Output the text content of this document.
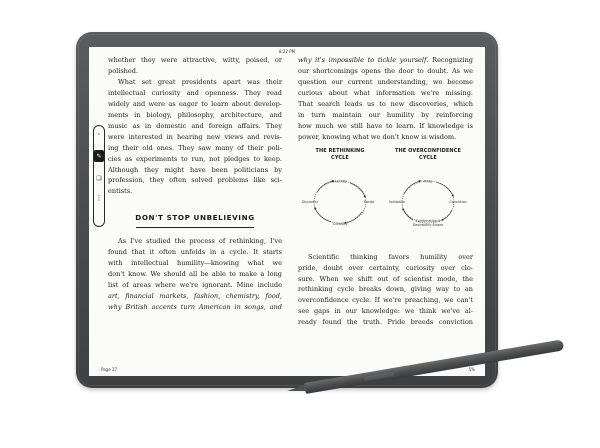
8:22 PM
whether they were attractive, witty, poised, or
polished.
What set great presidents apart was their
intellectual curiosity and openness. They read
widely and were as eager to learn about develop-
ments in biology, philosophy, architecture, and
music as in domestic and foreign affairs. They
were interested in hearing new views and revis-
ing their old ones. They saw many of their poli-
cies as experiments to run, not pledges to keep.
Although they might have been politicians by
profession, they often solved problems like sci-
entists.
DON'T STOP UNBELIEVING
As I've studied the process of rethinking, I've
found that it often unfolds in a cycle. It starts
with intellectual humility—knowing what we
don't know. We should all be able to make a long
list of areas where we're ignorant. Mine include
art, financial markets, fashion, chemistry, food,
why British accents turn American in songs, and
Page 27
⌃
✎
❑
⋮
why it's impossible to tickle yourself. Recognizing
our shortcomings opens the door to doubt. As we
question our current understanding, we become
curious about what information we're missing.
That search leads us to new discoveries, which
in turn maintain our humility by reinforcing
how much we still have to learn. If knowledge is
power, knowing what we don't know is wisdom.
THE RETHINKING
CYCLE
Humility
Doubt
Curiosity
Discovery
THE OVERCONFIDENCE
CYCLE
Pride
Conviction
Confirmation &
Desirability Biases
Validation
Scientific thinking favors humility over
pride, doubt over certainty, curiosity over clo-
sure. When we shift out of scientist mode, the
rethinking cycle breaks down, giving way to an
overconfidence cycle. If we're preaching, we can't
see gaps in our knowledge: we think we've al-
ready found the truth. Pride breeds conviction
5%
